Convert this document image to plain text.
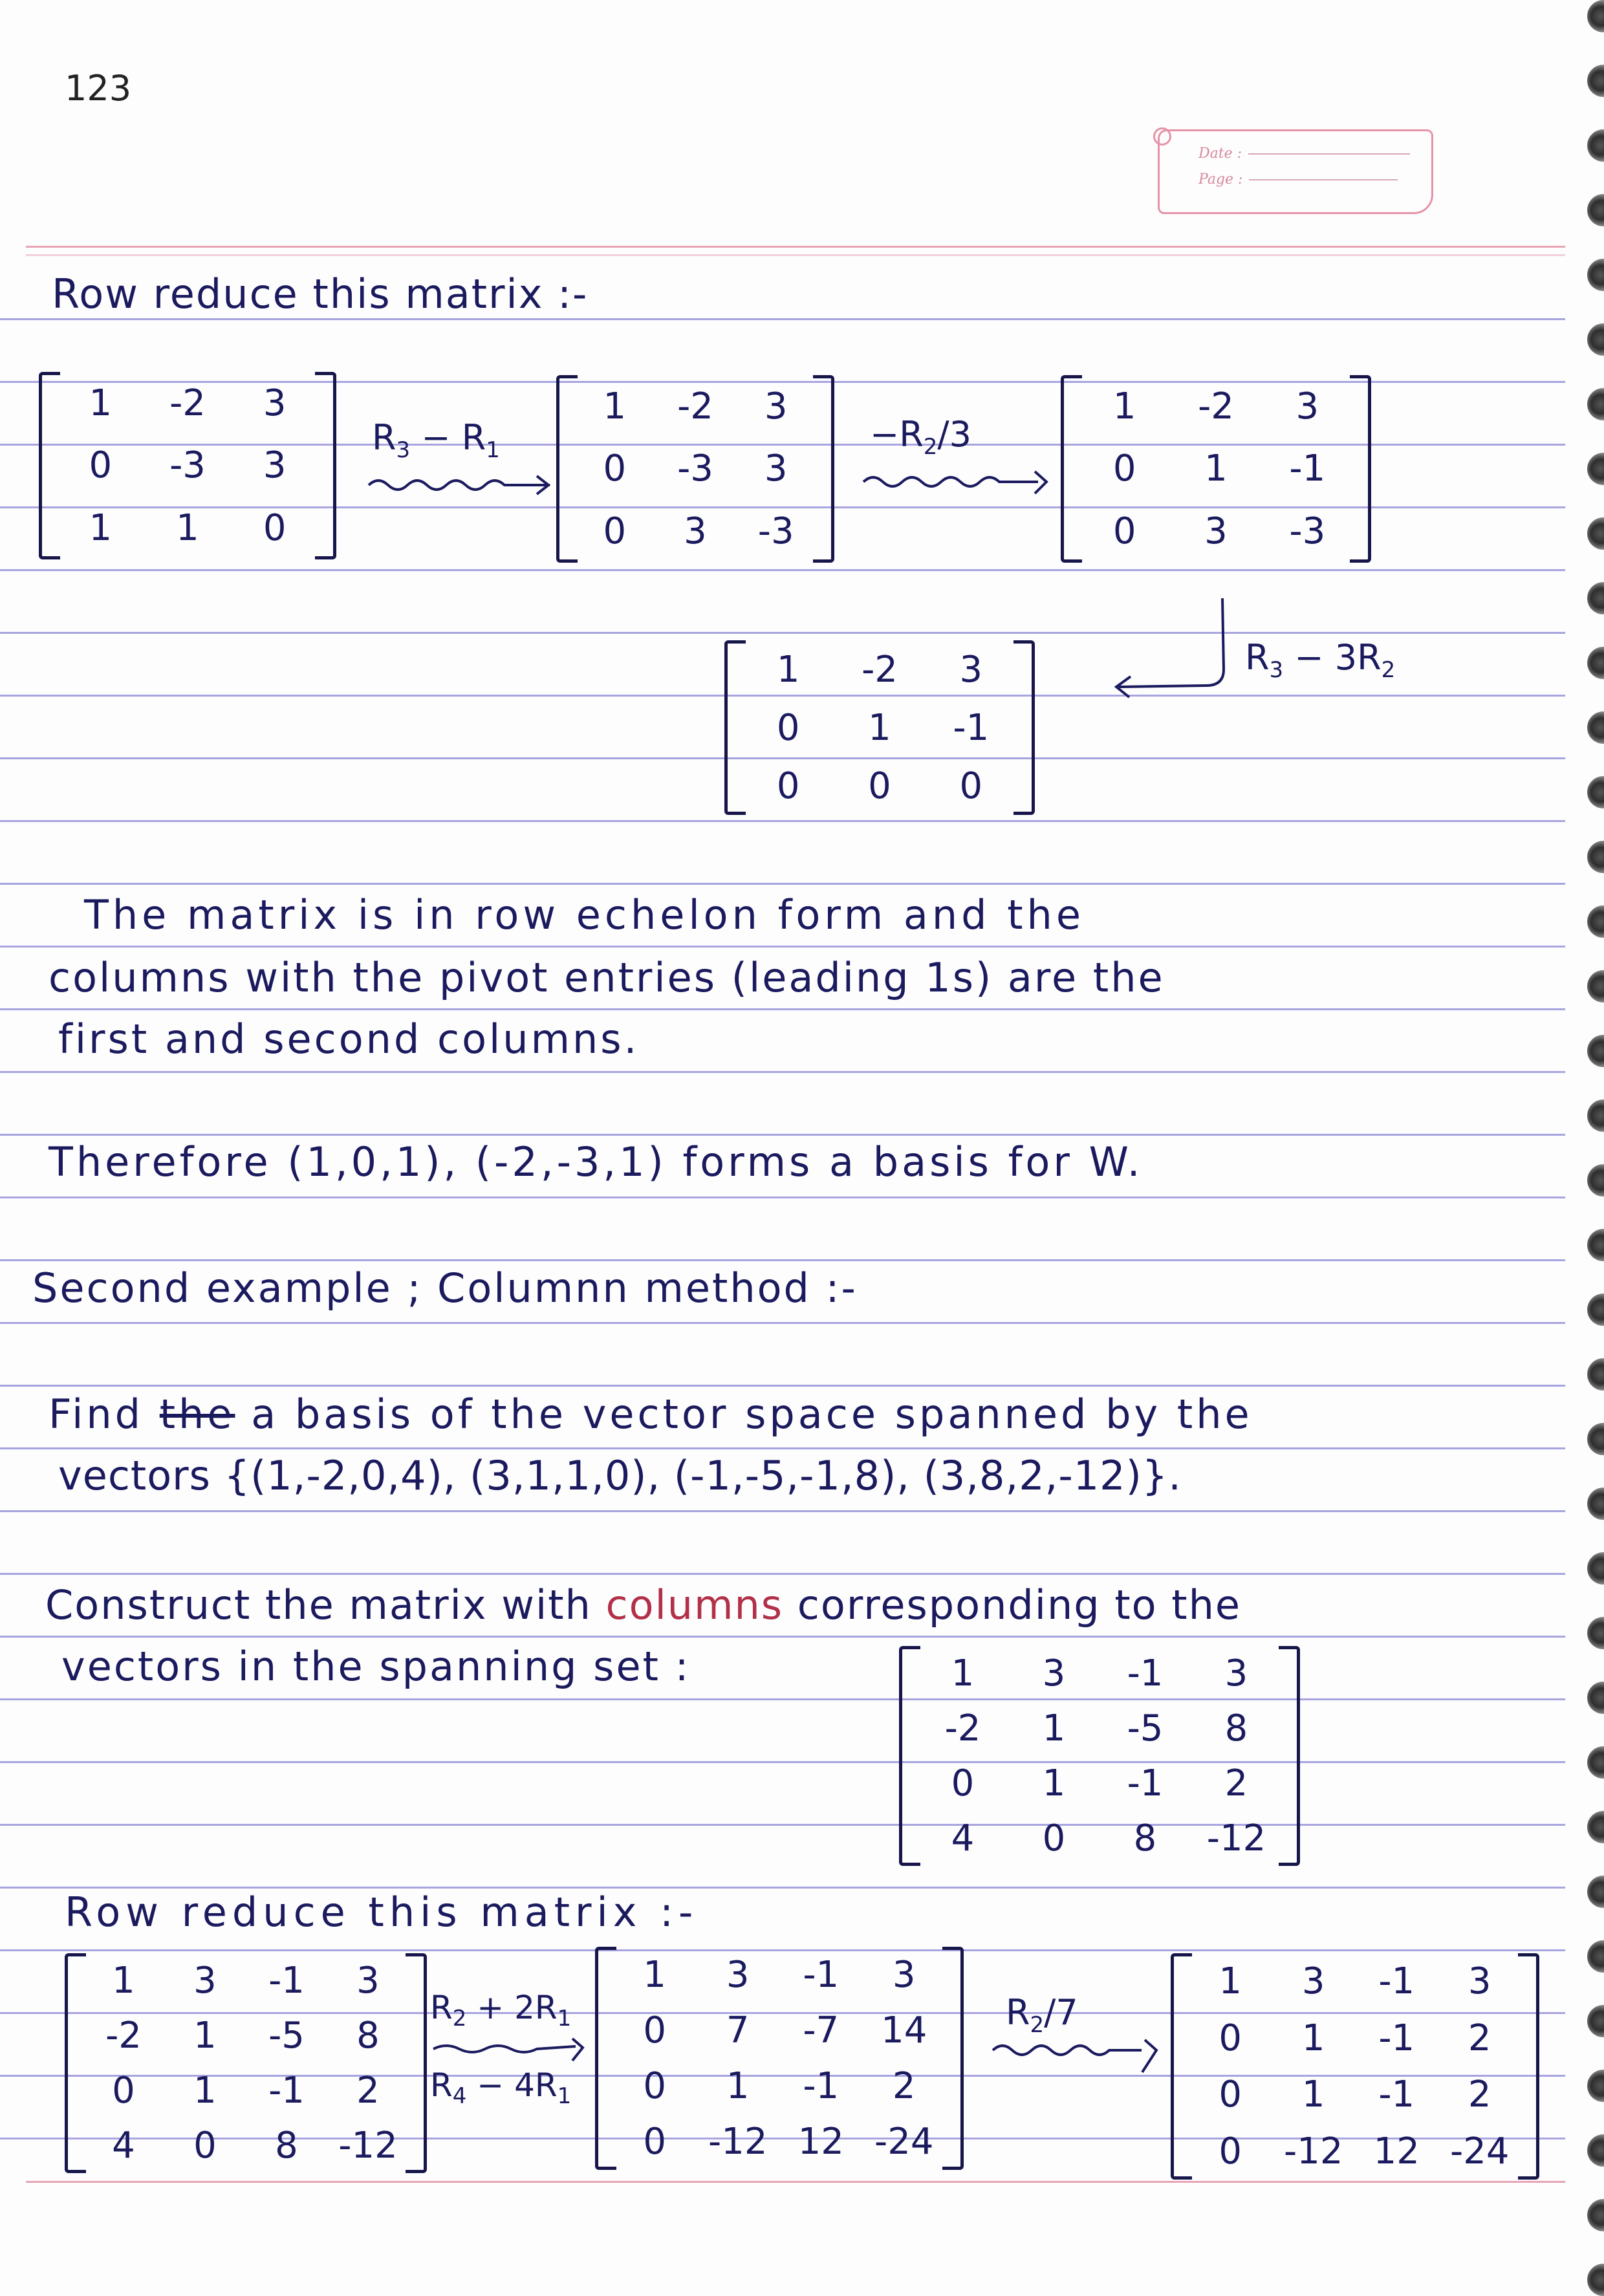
123
Date :
Page :
Row reduce this matrix :-
1	-2	3
0	-3	3
1	1	0
$R_3 - R_1$
1	-2	3
0	-3	3
0	3	-3
$-R_2/3$
1	-2	3
0	1	-1
0	3	-3
$R_3 - 3R_2$
1	-2	3
0	1	-1
0	0	0
The matrix is in row echelon form and the
columns with the pivot entries (leading 1s) are the
first and second columns.
Therefore (1,0,1), (-2,-3,1) forms a basis for W.
Second example ; Columnn method :-
Find the a basis of the vector space spanned by the
vectors {(1,-2,0,4), (3,1,1,0), (-1,-5,-1,8), (3,8,2,-12)}.
Construct the matrix with columns corresponding to the
vectors in the spanning set :	1	3	-1	3
-2	1	-5	8
0	1	-1	2
4	0	8	-12
Row reduce this matrix :-
1	3	-1	3
-2	1	-5	8
0	1	-1	2
4	0	8	-12
$R_2 + 2R_1$
$R_4 - 4R_1$
1	3	-1	3
0	7	-7	14
0	1	-1	2
0	-12 12 -24
$R_2/7$
1	3	-1	3
0	1	-1	2
0	1	-1	2
0	-12 12 -24
